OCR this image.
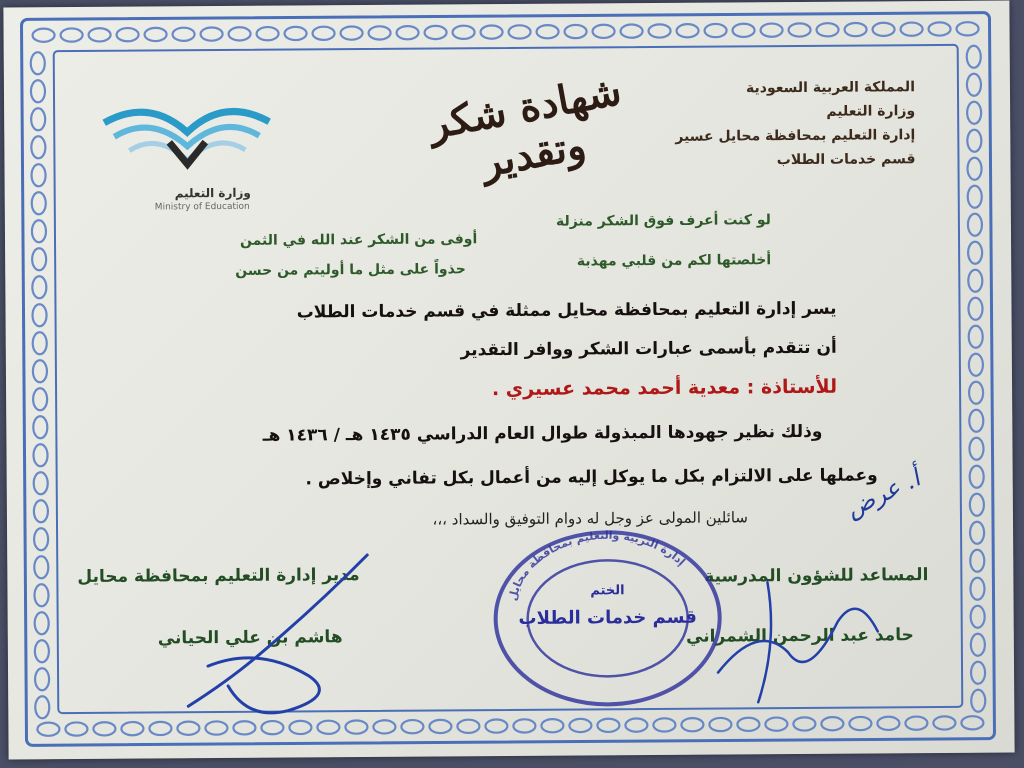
المملكة العربية السعودية
وزارة التعليم
إدارة التعليم بمحافظة محايل عسير
قسم خدمات الطلاب
شهادة شكر وتقدير
وزارة التعليم
Ministry of Education
لو كنت أعرف فوق الشكر منزلة
أخلصتها لكم من قلبي مهذبة
أوفى من الشكر عند الله في الثمن
حذواً على مثل ما أوليتم من حسن
يسر إدارة التعليم بمحافظة محايل ممثلة في قسم خدمات الطلاب
أن تتقدم بأسمى عبارات الشكر ووافر التقدير
للأستاذة : معدية أحمد محمد عسيري .
وذلك نظير جهودها المبذولة طوال العام الدراسي ١٤٣٥ هـ / ١٤٣٦ هـ
وعملها على الالتزام بكل ما يوكل إليه من أعمال بكل تفاني وإخلاص .
سائلين المولى عز وجل له دوام التوفيق والسداد ،،،	أ. عرض
المساعد للشؤون المدرسية
حامد عبد الرحمن الشمراني
مدير إدارة التعليم بمحافظة محايل
هاشم بن علي الحياني
إدارة التربية والتعليم بمحافظة محايل
الختم
قسم خدمات الطلاب
